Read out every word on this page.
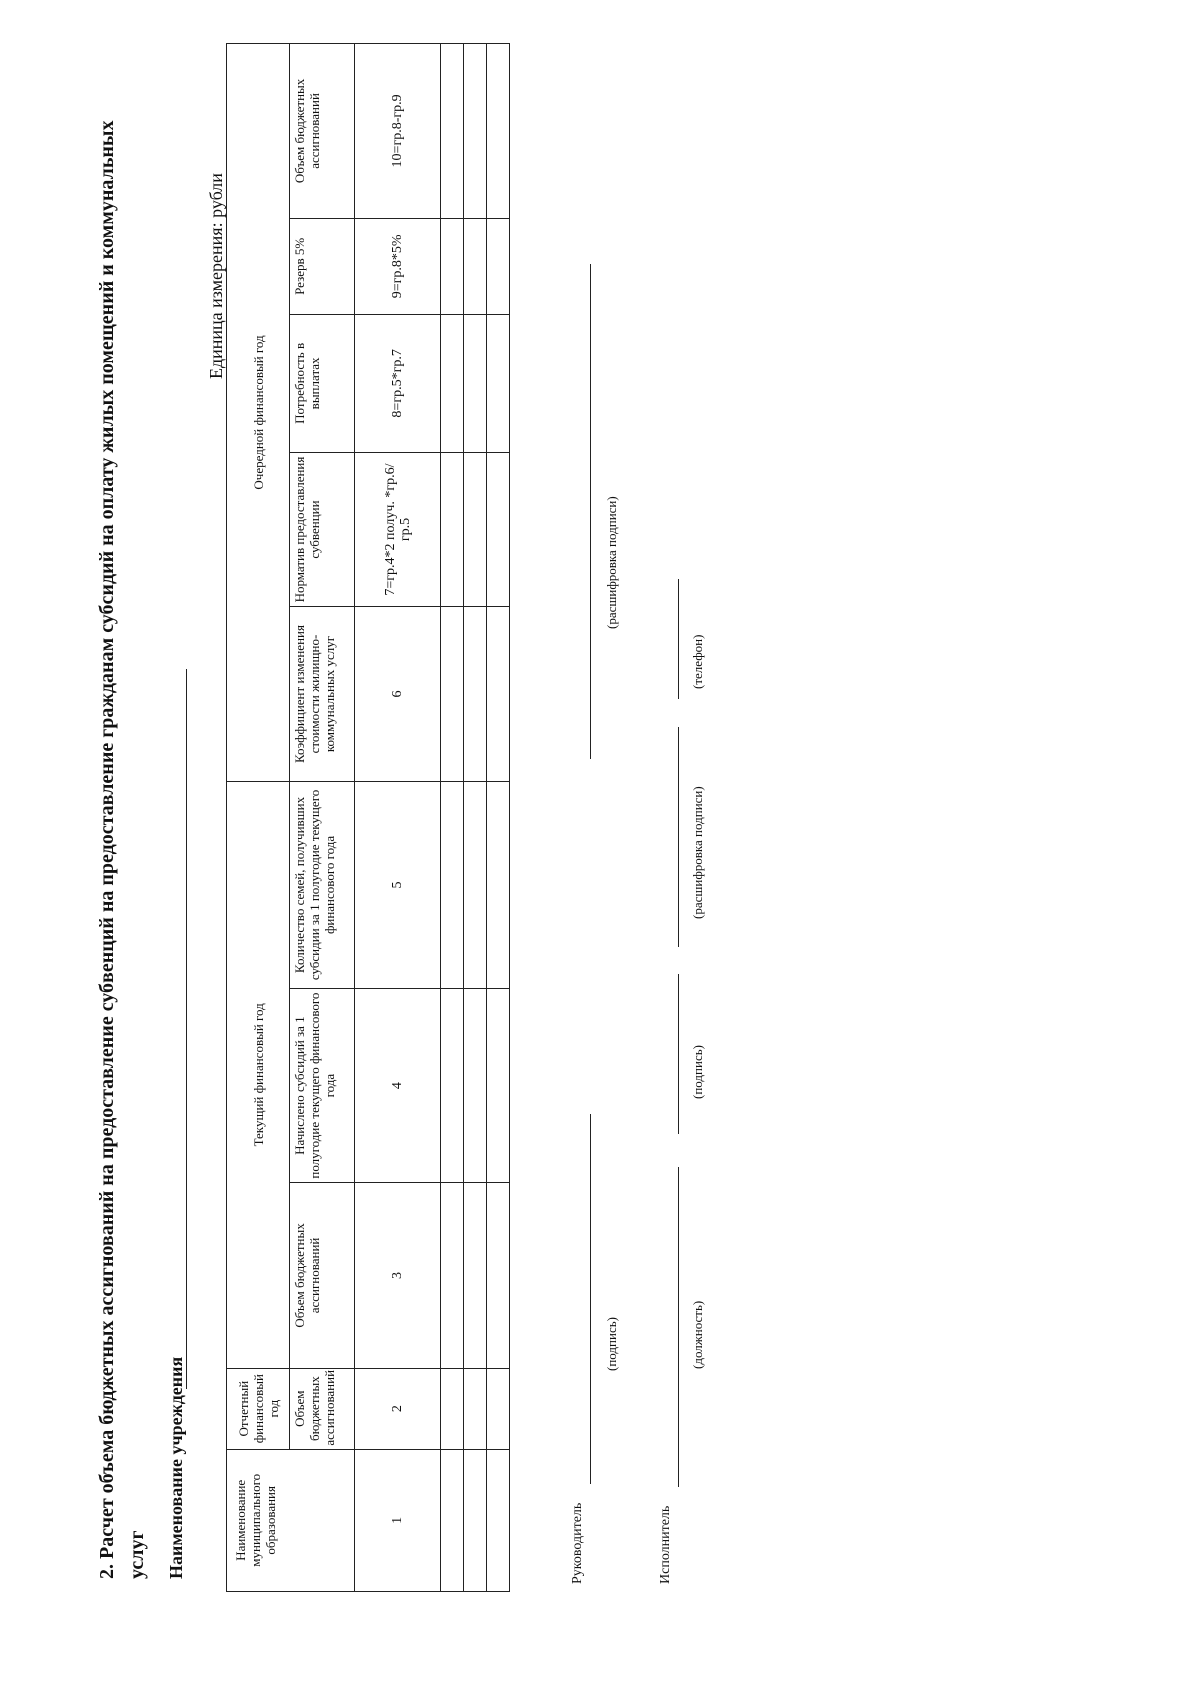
2. Расчет объема бюджетных ассигнований на предоставление субвенций на предоставление гражданам субсидий на оплату жилых помещений и коммунальных услуг Наименование учреждения
Единица измерения: рубли
Наименование муниципального образования	Отчетный финансовый год	Текущий финансовый год			Очередной финансовый год				
	Объем бюджетных ассигнований	Объем бюджетных ассигнований	Начислено субсидий за 1 полугодие текущего финансового года	Количество семей, получивших субсидии за 1 полугодие текущего финансового года	Коэффициент изменения стоимости жилищно-коммунальных услуг	Норматив предоставления субвенции	Потребность в выплатах	Резерв 5%	Объем бюджетных ассигнований
1	2	3	4	5	6	7=гр.4*2 получ. *гр.6/гр.5	8=гр.5*гр.7	9=гр.8*5%	10=гр.8-гр.9

Руководитель
(подпись)
(расшифровка подписи)
Исполнитель
(должность)
(подпись)
(расшифровка подписи)
(телефон)
